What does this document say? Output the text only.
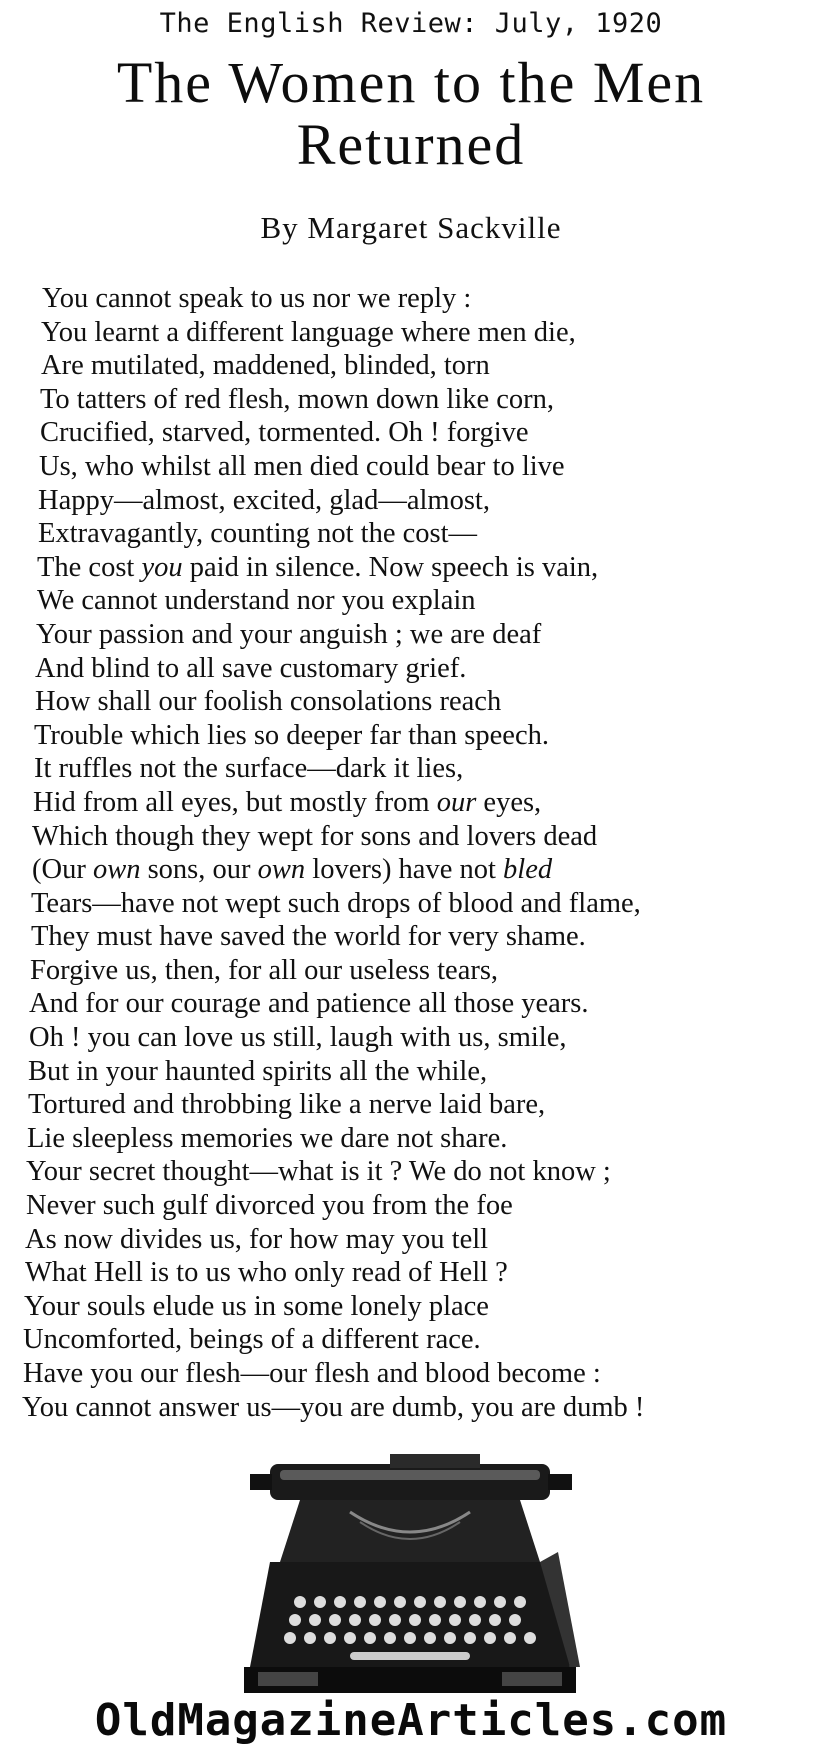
The English Review: July, 1920
The Women to the Men
Returned
By Margaret Sackville
You cannot speak to us nor we reply :
You learnt a different language where men die,
Are mutilated, maddened, blinded, torn
To tatters of red flesh, mown down like corn,
Crucified, starved, tormented. Oh ! forgive
Us, who whilst all men died could bear to live
Happy—almost, excited, glad—almost,
Extravagantly, counting not the cost—
The cost you paid in silence. Now speech is vain,
We cannot understand nor you explain
Your passion and your anguish ; we are deaf
And blind to all save customary grief.
How shall our foolish consolations reach
Trouble which lies so deeper far than speech.
It ruffles not the surface—dark it lies,
Hid from all eyes, but mostly from our eyes,
Which though they wept for sons and lovers dead
(Our own sons, our own lovers) have not bled
Tears—have not wept such drops of blood and flame,
They must have saved the world for very shame.
Forgive us, then, for all our useless tears,
And for our courage and patience all those years.
Oh ! you can love us still, laugh with us, smile,
But in your haunted spirits all the while,
Tortured and throbbing like a nerve laid bare,
Lie sleepless memories we dare not share.
Your secret thought—what is it ? We do not know ;
Never such gulf divorced you from the foe
As now divides us, for how may you tell
What Hell is to us who only read of Hell ?
Your souls elude us in some lonely place
Uncomforted, beings of a different race.
Have you our flesh—our flesh and blood become :
You cannot answer us—you are dumb, you are dumb !
OldMagazineArticles.com
